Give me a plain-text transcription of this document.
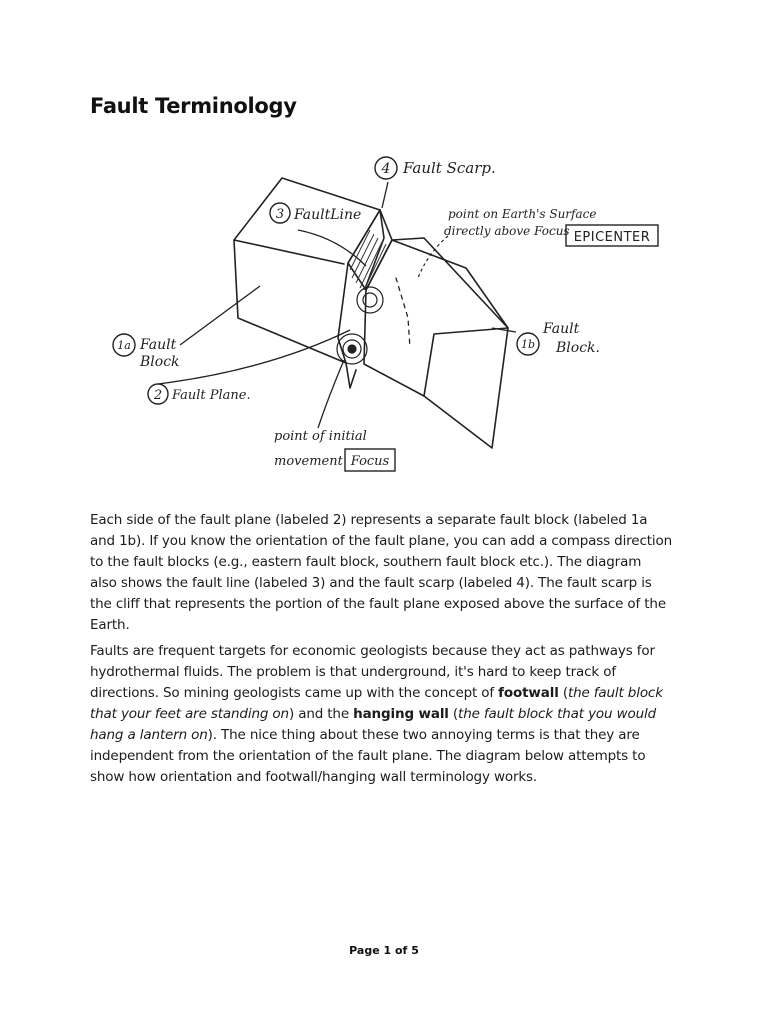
Fault Terminology
4 Fault Scarp.
3 FaultLine	point on Earth's Surface
directly above Focus EPICENTER
1a Fault
Block
1b
Fault
Block.
2 Fault Plane.
point of initial
movement Focus

Each side of the fault plane (labeled 2) represents a separate fault block (labeled 1a and 1b). If you know the orientation of the fault plane, you can add a compass direction to the fault blocks (e.g., eastern fault block, southern fault block etc.). The diagram also shows the fault line (labeled 3) and the fault scarp (labeled 4). The fault scarp is the cliff that represents the portion of the fault plane exposed above the surface of the Earth.

Faults are frequent targets for economic geologists because they act as pathways for hydrothermal fluids. The problem is that underground, it's hard to keep track of directions. So mining geologists came up with the concept of footwall (the fault block that your feet are standing on) and the hanging wall (the fault block that you would hang a lantern on). The nice thing about these two annoying terms is that they are independent from the orientation of the fault plane. The diagram below attempts to show how orientation and footwall/hanging wall terminology works.

Page 1 of 5
